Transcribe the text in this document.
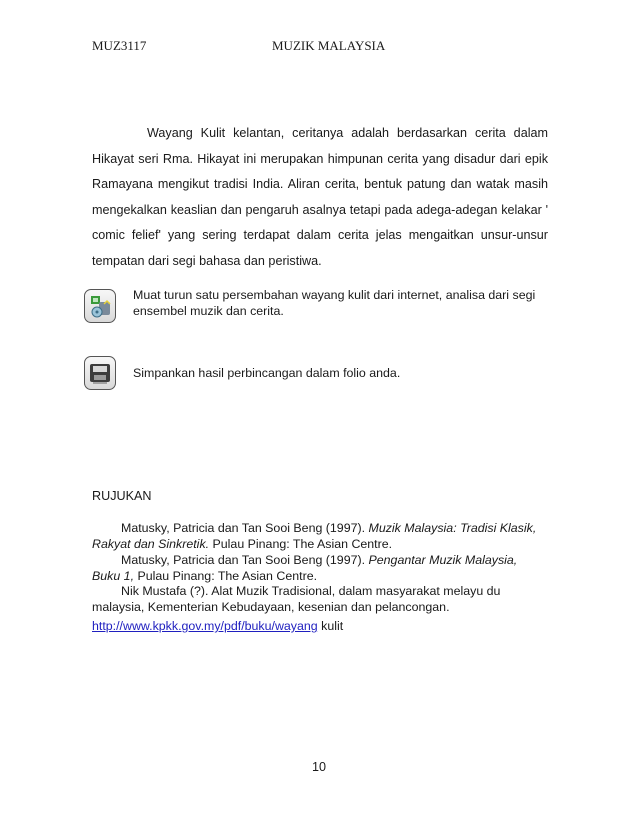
MUZ3117	MUZIK MALAYSIA

Wayang Kulit kelantan, ceritanya adalah berdasarkan cerita dalam Hikayat seri Rma. Hikayat ini merupakan himpunan cerita yang disadur dari epik Ramayana mengikut tradisi India. Aliran cerita, bentuk patung dan watak masih mengekalkan keaslian dan pengaruh asalnya tetapi pada adega-adegan kelakar ' comic felief' yang sering terdapat dalam cerita jelas mengaitkan unsur-unsur tempatan dari segi bahasa dan peristiwa.

Muat turun satu persembahan wayang kulit dari internet, analisa dari segi ensembel muzik dan cerita.
Simpankan hasil perbincangan dalam folio anda.
RUJUKAN

Matusky, Patricia dan Tan Sooi Beng (1997). Muzik Malaysia: Tradisi Klasik, Rakyat dan Sinkretik. Pulau Pinang: The Asian Centre.

Matusky, Patricia dan Tan Sooi Beng (1997). Pengantar Muzik Malaysia, Buku 1, Pulau Pinang: The Asian Centre.

Nik Mustafa (?). Alat Muzik Tradisional, dalam masyarakat melayu du malaysia, Kementerian Kebudayaan, kesenian dan pelancongan.

http://www.kpkk.gov.my/pdf/buku/wayang kulit
10
